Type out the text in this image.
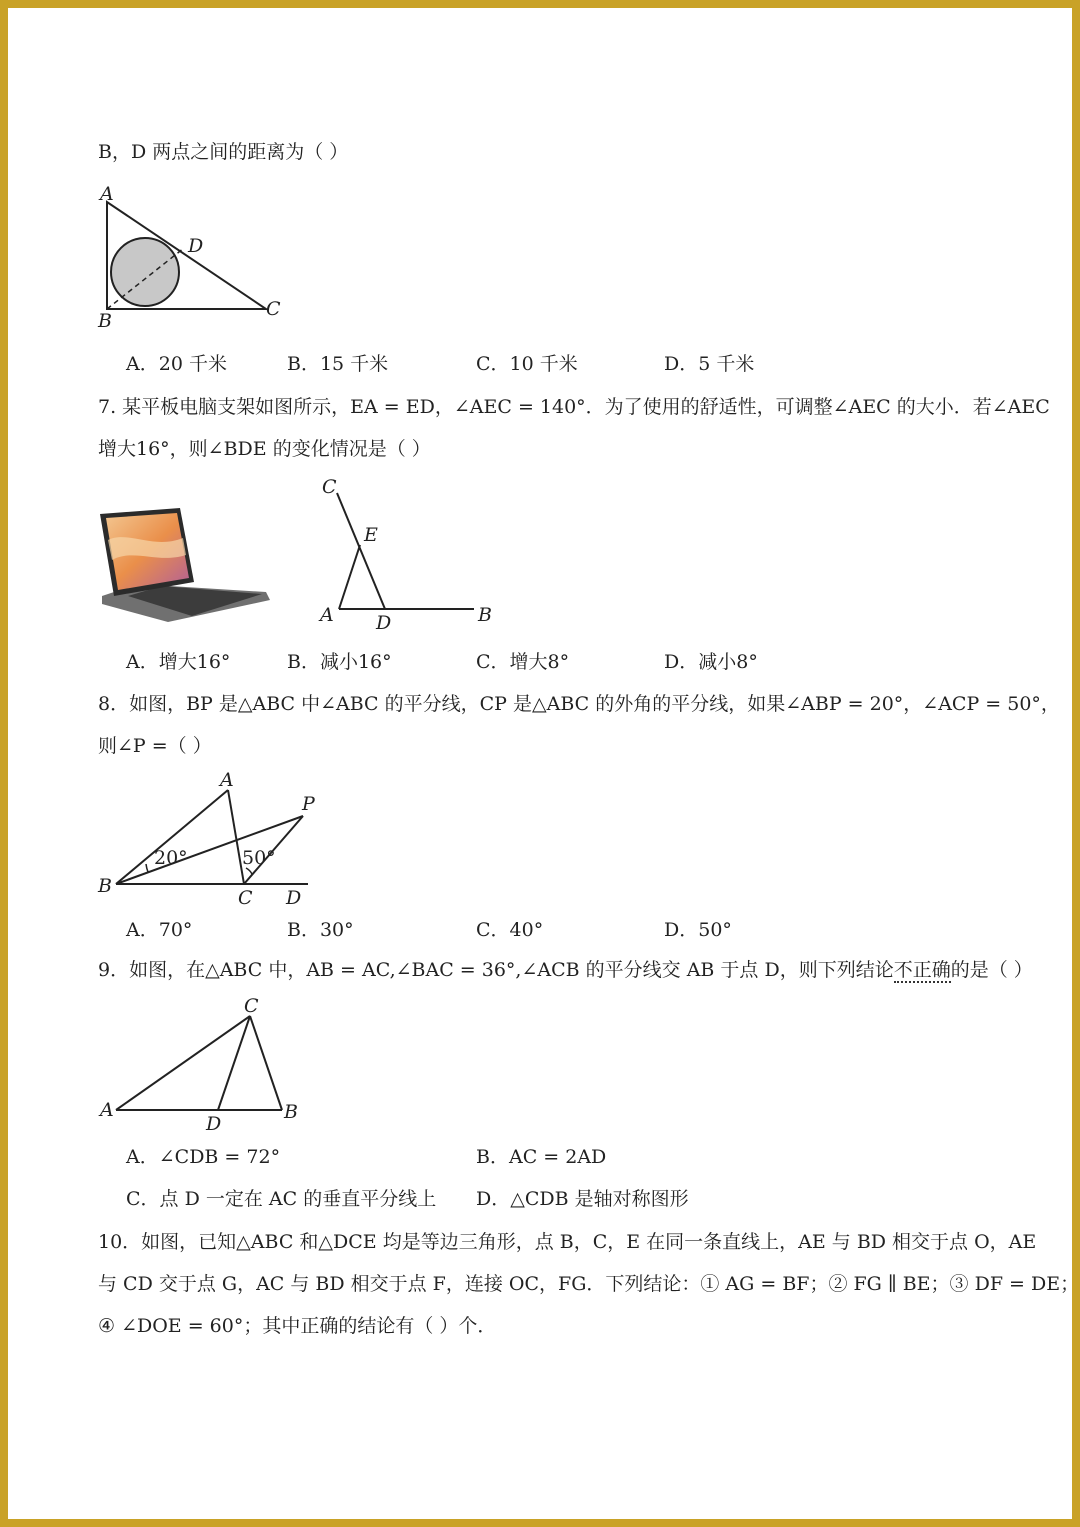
B，D 两点之间的距离为（ ）
A
B
C
D
A．20 千米	B．15 千米	C．10 千米	D．5 千米
7. 某平板电脑支架如图所示，EA = ED，∠AEC = 140°．为了使用的舒适性，可调整∠AEC 的大小．若∠AEC
增大16°，则∠BDE 的变化情况是（ ）
C
E
A D	B
A．增大16°	B．减小16°	C．增大8°	D．减小8°
8．如图，BP 是△ABC 中∠ABC 的平分线，CP 是△ABC 的外角的平分线，如果∠ABP = 20°，∠ACP = 50°，
则∠P =（ ）
A
P
B
C D
20°	50°
A．70°	B．30°	C．40°	D．50°
9．如图，在△ABC 中，AB = AC,∠BAC = 36°,∠ACB 的平分线交 AB 于点 D，则下列结论不正确的是（ ）
C
A
D
B
A．∠CDB = 72°	B．AC = 2AD
C．点 D 一定在 AC 的垂直平分线上 D．△CDB 是轴对称图形
10．如图，已知△ABC 和△DCE 均是等边三角形，点 B，C，E 在同一条直线上，AE 与 BD 相交于点 O，AE
与 CD 交于点 G，AC 与 BD 相交于点 F，连接 OC，FG．下列结论：① AG = BF；② FG ∥ BE；③ DF = DE；
④ ∠DOE = 60°；其中正确的结论有（ ）个．
